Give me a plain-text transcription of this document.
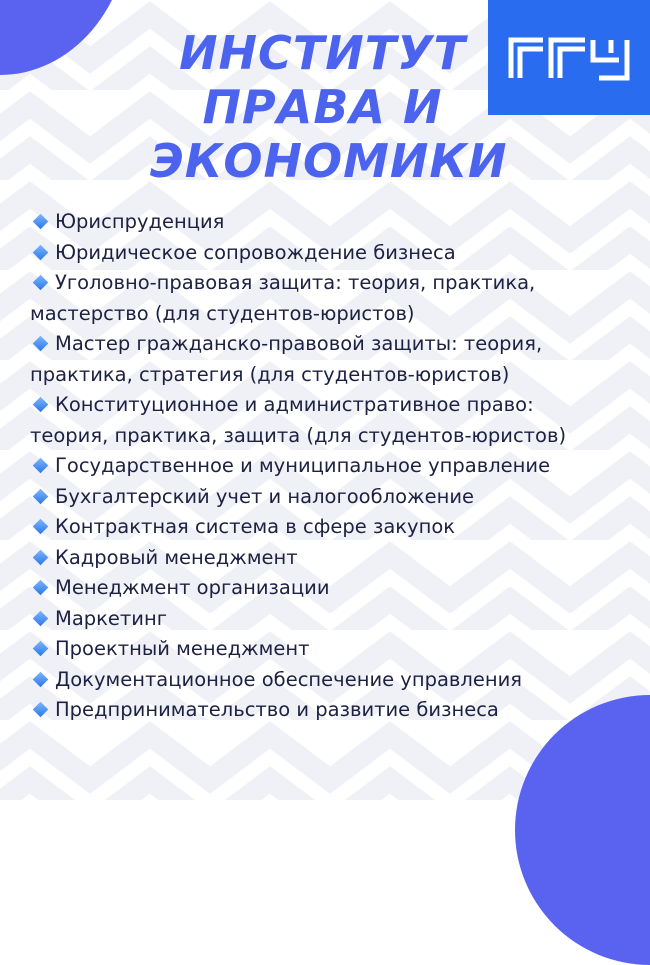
ИНСТИТУТ
ПРАВА И
ЭКОНОМИКИ
Юриспруденция
Юридическое сопровождение бизнеса
Уголовно-правовая защита: теория, практика, мастерство (для студентов-юристов)
Мастер гражданско-правовой защиты: теория, практика, стратегия (для студентов-юристов)
Конституционное и административное право: теория, практика, защита (для студентов-юристов)
Государственное и муниципальное управление
Бухгалтерский учет и налогообложение
Контрактная система в сфере закупок
Кадровый менеджмент
Менеджмент организации
Маркетинг
Проектный менеджмент
Документационное обеспечение управления
Предпринимательство и развитие бизнеса
